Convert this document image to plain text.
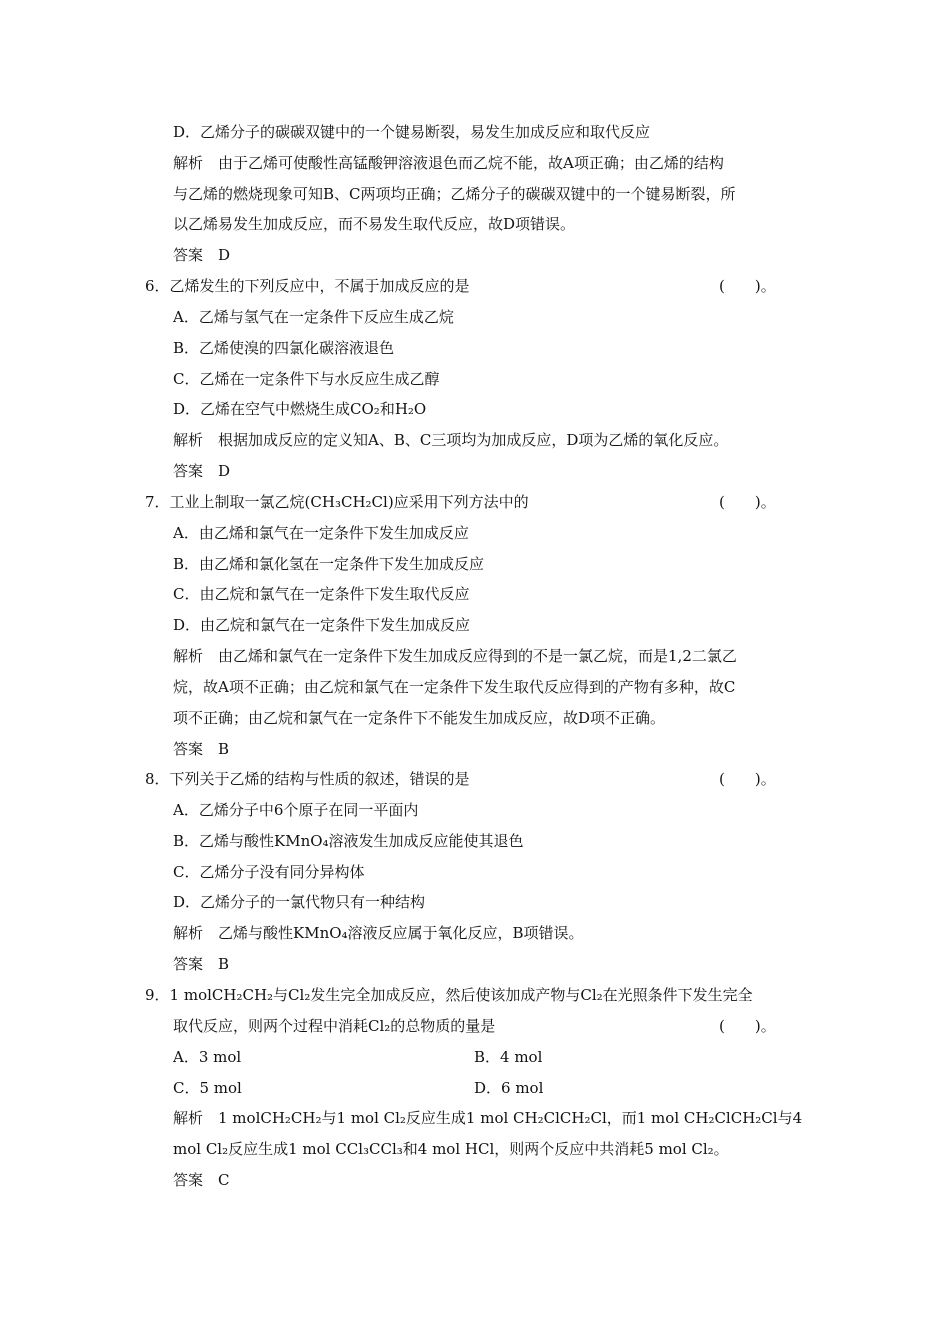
D．乙烯分子的碳碳双键中的一个键易断裂，易发生加成反应和取代反应
解析　由于乙烯可使酸性高锰酸钾溶液退色而乙烷不能，故A项正确；由乙烯的结构
与乙烯的燃烧现象可知B、C两项均正确；乙烯分子的碳碳双键中的一个键易断裂，所
以乙烯易发生加成反应，而不易发生取代反应，故D项错误。
答案　D
6．乙烯发生的下列反应中，不属于加成反应的是	(　　)。
A．乙烯与氢气在一定条件下反应生成乙烷
B．乙烯使溴的四氯化碳溶液退色
C．乙烯在一定条件下与水反应生成乙醇
D．乙烯在空气中燃烧生成CO₂和H₂O
解析　根据加成反应的定义知A、B、C三项均为加成反应，D项为乙烯的氧化反应。
答案　D
7．工业上制取一氯乙烷(CH₃CH₂Cl)应采用下列方法中的	(　　)。
A．由乙烯和氯气在一定条件下发生加成反应
B．由乙烯和氯化氢在一定条件下发生加成反应
C．由乙烷和氯气在一定条件下发生取代反应
D．由乙烷和氯气在一定条件下发生加成反应
解析　由乙烯和氯气在一定条件下发生加成反应得到的不是一氯乙烷，而是1,2二氯乙
烷，故A项不正确；由乙烷和氯气在一定条件下发生取代反应得到的产物有多种，故C
项不正确；由乙烷和氯气在一定条件下不能发生加成反应，故D项不正确。
答案　B
8．下列关于乙烯的结构与性质的叙述，错误的是	(　　)。
A．乙烯分子中6个原子在同一平面内
B．乙烯与酸性KMnO₄溶液发生加成反应能使其退色
C．乙烯分子没有同分异构体
D．乙烯分子的一氯代物只有一种结构
解析　乙烯与酸性KMnO₄溶液反应属于氧化反应，B项错误。
答案　B
9．1 molCH₂CH₂与Cl₂发生完全加成反应，然后使该加成产物与Cl₂在光照条件下发生完全
取代反应，则两个过程中消耗Cl₂的总物质的量是	(　　)。
A．3 mol	B．4 mol
C．5 mol	D．6 mol
解析　1 molCH₂CH₂与1 mol Cl₂反应生成1 mol CH₂ClCH₂Cl，而1 mol CH₂ClCH₂Cl与4
mol Cl₂反应生成1 mol CCl₃CCl₃和4 mol HCl，则两个反应中共消耗5 mol Cl₂。
答案　C
